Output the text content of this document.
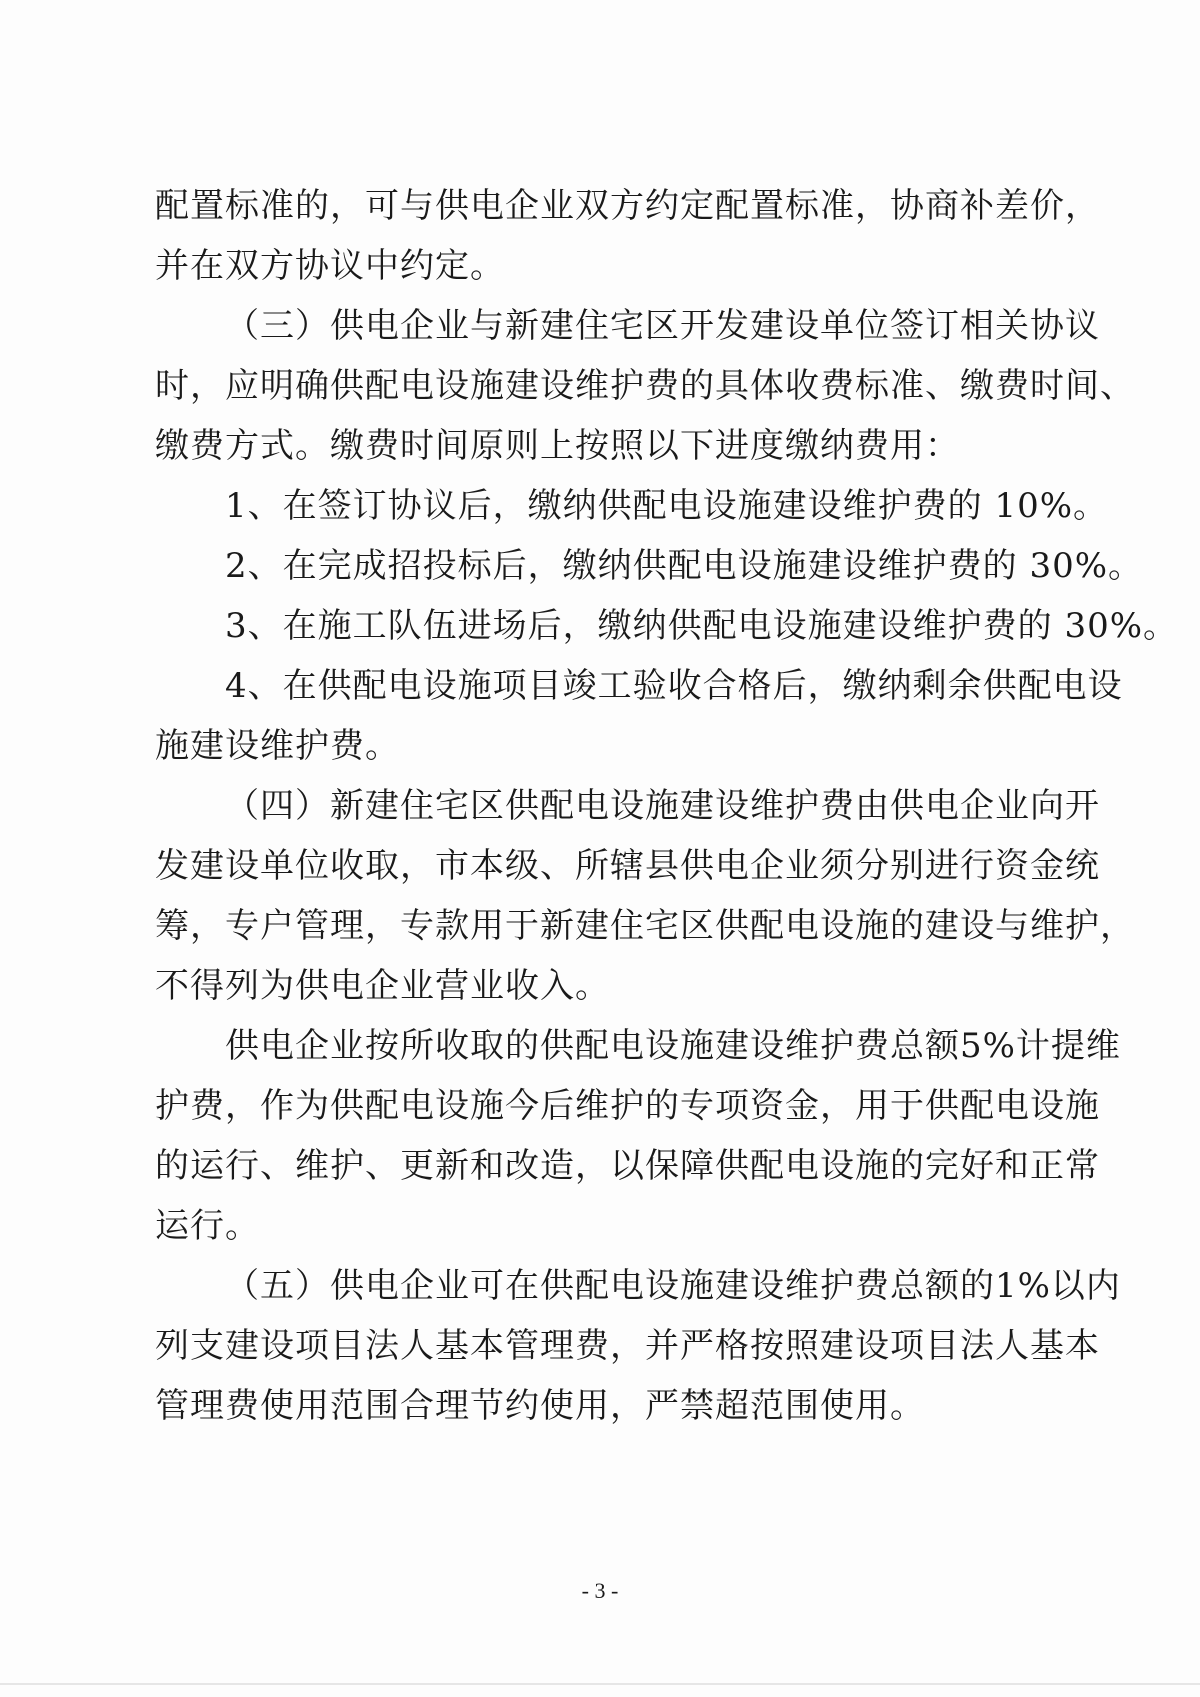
配置标准的，可与供电企业双方约定配置标准，协商补差价，
并在双方协议中约定。
（三）供电企业与新建住宅区开发建设单位签订相关协议
时，应明确供配电设施建设维护费的具体收费标准、缴费时间、
缴费方式。缴费时间原则上按照以下进度缴纳费用：
1、在签订协议后，缴纳供配电设施建设维护费的 10%。
2、在完成招投标后，缴纳供配电设施建设维护费的 30%。
3、在施工队伍进场后，缴纳供配电设施建设维护费的 30%。
4、在供配电设施项目竣工验收合格后，缴纳剩余供配电设
施建设维护费。
（四）新建住宅区供配电设施建设维护费由供电企业向开
发建设单位收取，市本级、所辖县供电企业须分别进行资金统
筹，专户管理，专款用于新建住宅区供配电设施的建设与维护，
不得列为供电企业营业收入。
供电企业按所收取的供配电设施建设维护费总额5%计提维
护费，作为供配电设施今后维护的专项资金，用于供配电设施
的运行、维护、更新和改造，以保障供配电设施的完好和正常
运行。
（五）供电企业可在供配电设施建设维护费总额的1%以内
列支建设项目法人基本管理费，并严格按照建设项目法人基本
管理费使用范围合理节约使用，严禁超范围使用。
- 3 -
